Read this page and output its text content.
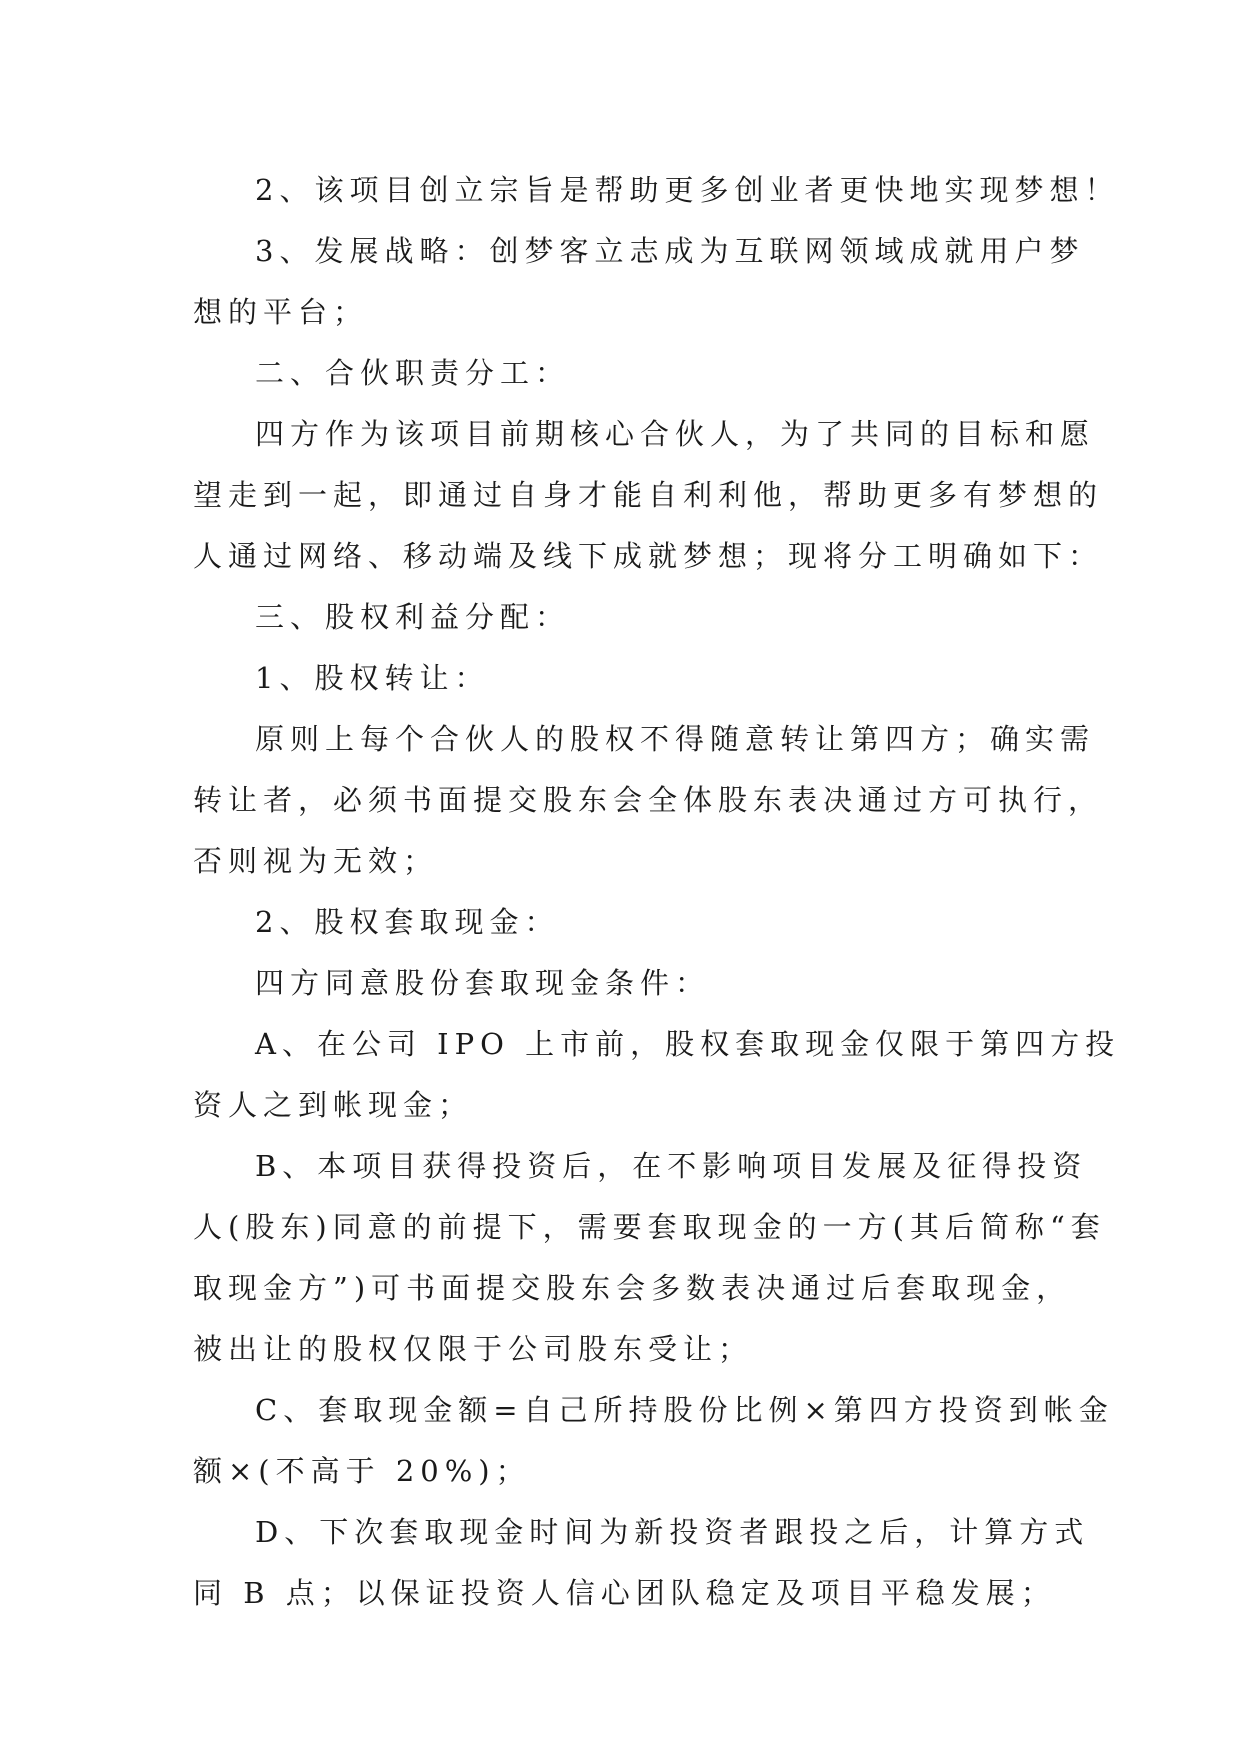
2、该项目创立宗旨是帮助更多创业者更快地实现梦想！

3、发展战略：创梦客立志成为互联网领域成就用户梦
想的平台；

二、合伙职责分工：

四方作为该项目前期核心合伙人，为了共同的目标和愿
望走到一起，即通过自身才能自利利他，帮助更多有梦想的
人通过网络、移动端及线下成就梦想；现将分工明确如下：

三、股权利益分配：

1、股权转让：

原则上每个合伙人的股权不得随意转让第四方；确实需
转让者，必须书面提交股东会全体股东表决通过方可执行，
否则视为无效；

2、股权套取现金：

四方同意股份套取现金条件：

A、在公司 IPO 上市前，股权套取现金仅限于第四方投
资人之到帐现金；

B、本项目获得投资后，在不影响项目发展及征得投资
人(股东)同意的前提下，需要套取现金的一方(其后简称“套
取现金方”)可书面提交股东会多数表决通过后套取现金，
被出让的股权仅限于公司股东受让；

C、套取现金额=自己所持股份比例×第四方投资到帐金
额×(不高于 20%)；

D、下次套取现金时间为新投资者跟投之后，计算方式
同 B 点；以保证投资人信心团队稳定及项目平稳发展；
